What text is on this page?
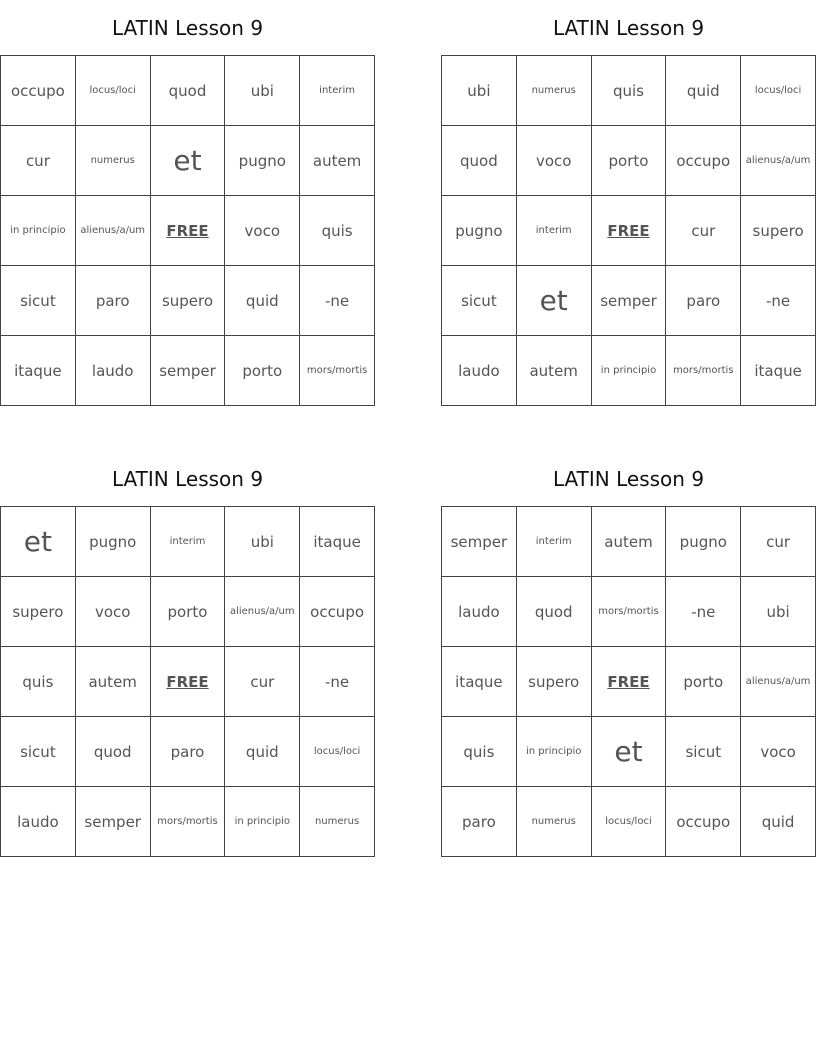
LATIN Lesson 9
occupo	locus/loci	quod	ubi	interim
cur	numerus	et	pugno	autem
in principio	alienus/a/um	FREE	voco	quis
sicut	paro	supero	quid	-ne
itaque	laudo	semper	porto	mors/mortis
LATIN Lesson 9
ubi	numerus	quis	quid	locus/loci
quod	voco	porto	occupo	alienus/a/um
pugno	interim	FREE	cur	supero
sicut	et	semper	paro	-ne
laudo	autem	in principio	mors/mortis	itaque
LATIN Lesson 9
et	pugno	interim	ubi	itaque
supero	voco	porto	alienus/a/um	occupo
quis	autem	FREE	cur	-ne
sicut	quod	paro	quid	locus/loci
laudo	semper	mors/mortis	in principio	numerus
LATIN Lesson 9
semper	interim	autem	pugno	cur
laudo	quod	mors/mortis	-ne	ubi
itaque	supero	FREE	porto	alienus/a/um
quis	in principio	et	sicut	voco
paro	numerus	locus/loci	occupo	quid
